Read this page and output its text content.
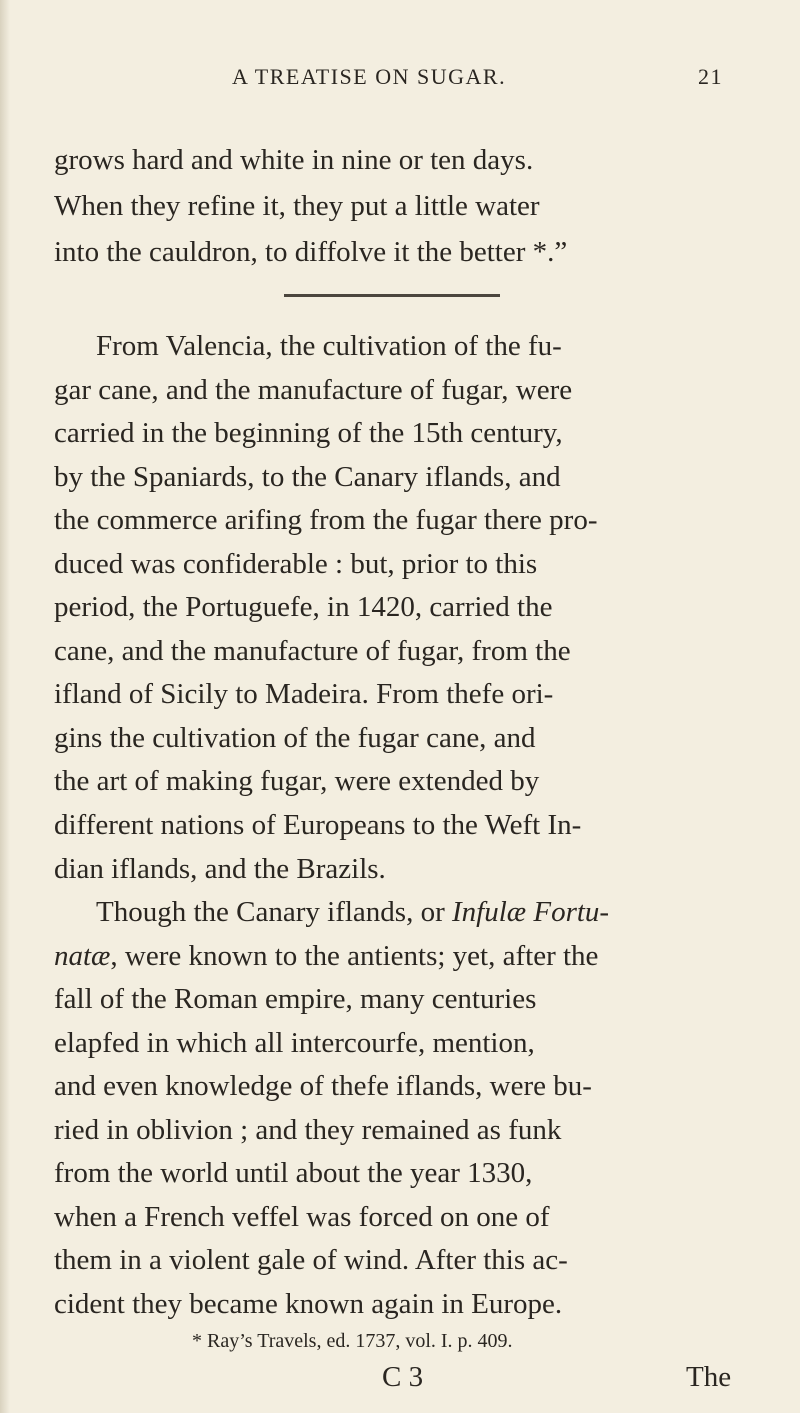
A TREATISE ON SUGAR.	21
grows hard and white in nine or ten days.
When they refine it, they put a little water
into the cauldron, to diffolve it the better *.”
From Valencia, the cultivation of the fu-
gar cane, and the manufacture of fugar, were
carried in the beginning of the 15th century,
by the Spaniards, to the Canary iflands, and
the commerce arifing from the fugar there pro-
duced was confiderable : but, prior to this
period, the Portuguefe, in 1420, carried the
cane, and the manufacture of fugar, from the
ifland of Sicily to Madeira. From thefe ori-
gins the cultivation of the fugar cane, and
the art of making fugar, were extended by
different nations of Europeans to the Weft In-
dian iflands, and the Brazils.
Though the Canary iflands, or Infulæ Fortu-
natæ, were known to the antients; yet, after the
fall of the Roman empire, many centuries
elapfed in which all intercourfe, mention,
and even knowledge of thefe iflands, were bu-
ried in oblivion ; and they remained as funk
from the world until about the year 1330,
when a French veffel was forced on one of
them in a violent gale of wind. After this ac-
cident they became known again in Europe.
* Ray’s Travels, ed. 1737, vol. I. p. 409.
C 3	The
